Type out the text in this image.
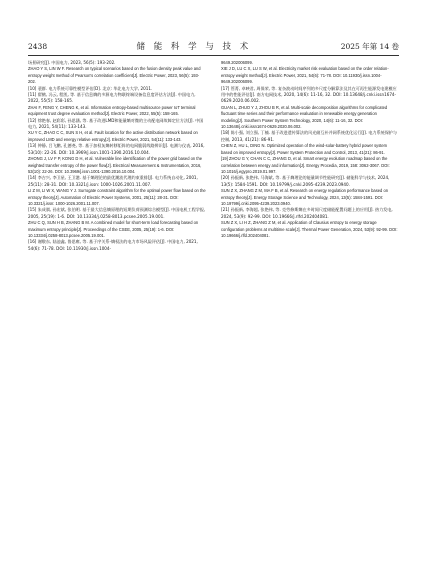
2438	储 能 科 学 与 技 术	2025 年第 14 卷

场景研究[J]. 中国电力, 2023, 56(5): 193-202.
ZHAO Y S, LIN W F. Research on typical scenarios based on the fusion density peak value and entropy weight method of Pearson's correlation coefficient[J]. Electric Power, 2023, 56(5): 193-202.

[10] 裴群. 电力系统可靠性模型评估[D]. 北京: 华北电力大学, 2011.

[11] 翟鹤, 冯云, 程凯, 等. 基于信息熵的多源电力物联终端设备信息度评估方法[J]. 中国电力, 2022, 55(5): 158-165.
ZHAI F, FENG Y, CHENG K, et al. Information entropy-based multisource power IoT terminal equipment trust degree evaluation method[J]. Electric Power, 2022, 55(5): 158-165.

[12] 徐艳春, 赵彩彩, 孙思涵, 等. 基于改进LMD和能量熵对微的主动配电网故障定位方法[J]. 中国电力, 2021, 54(11): 133-143.
XU Y C, ZHAO C C, SUN S H, et al. Fault location for the active distribution network based on improved LMD and energy relative entropy[J]. Electric Power, 2021, 54(11): 133-143.

[13] 钟静, 吕飞鹏, 孔德尧, 等. 基于加权灰熵转移矩阵的电网脆弱线路辨识[J]. 电测与仪表, 2016, 53(10): 22-26. DOI: 10.3969/j.issn.1001-1390.2016.10.004.
ZHONG J, LV F P, KONG D H, et al. Vulnerable line identification of the power grid based on the weighted transfer entropy of the power flow[J]. Electrical Measurement & Instrumentation, 2016, 53(10): 22-26. DOI: 10.3969/j.issn.1001-1390.2016.10.004.

[14] 李吉兴, 李卫星, 王卫港. 基于熵理论的最优潮流代理约束重排[J]. 电力系统自动化, 2001, 25(11): 28-31. DOI: 10.3321/j.issn: 1000-1026.2001.11.007.
LI Z M, LI W X, WANG Y J. Surrogate constraint algorithm for the optimal power flow based on the entropy theory[J]. Automation of Electric Power Systems, 2001, 25(11): 28-31. DOI: 10.3321/j.issn: 1000-1026.2001.11.007.

[15] 朱成骐, 孙宏斌, 张伯明. 基于最大信息熵原理的短期负荷预测综合模型[J]. 中国电机工程学报, 2005, 25(19): 1-6. DOI: 10.13334/j.0258-8013.pcsee.2005.19.001.
ZHU C Q, SUN H B, ZHANG B M. A combined model for short-term load forecasting based on maximum entropy principle[J]. Proceedings of the CSEE, 2005, 25(19): 1-6. DOI: 10.13334/j.0258-8013.pcsee.2005.19.001.

[16] 谢敬东, 陆池鑫, 鲁思雍, 等. 基于序关系-熵权法的电力市场风险评估[J]. 中国电力, 2021, 54(6): 71-78. DOI: 10.11930/j.issn.1004-

9649.202006099.

XIE J D, LU C X, LU S W, et al. Electricity market risk evaluation based on the order relation-entropy weight method[J]. Electric Power, 2021, 54(6): 71-78. DOI: 10.11930/j.issn.1004-9649.202006099.

[17] 管菁, 卓映君, 周保荣, 等. 复杂波动时间序列的多尺度分解算法及其在可再生能源发电建模应用中的性能评估[J]. 南方电网技术, 2020, 14(6): 11-16, 32. DOI: 10.13648/j.cnki.issn1674-0629.2020.06.002.
GUAN L, ZHUO Y J, ZHOU B R, et al. Multi-scale decomposition algorithms for complicated fluctuant time series and their performance evaluation in renewable energy generation modeling[J]. Southern Power System Technology, 2020, 14(6): 11-16, 32. DOI: 10.13648/j.cnki.issn1674-0629.2020.06.002.

[18] 陈小强, 刘立强, 丁楠. 基于改进遗传算法的风光储互补并网系统优化运行[J]. 电力系统保护与控制, 2013, 41(21): 86-91.
CHEN Z, HU L, DING N. Optimized operation of the wind-solar-battery hybrid power system based on improved entropy[J]. Power System Protection and Control, 2013, 41(21): 86-91.

[19] ZHOU G Y, CHAN C C, ZHANG D, et al. Smart energy evolution roadmap based on the correlation between energy and information[J]. Energy Procedia, 2019, 158: 3062-3067. DOI: 10.1016/j.egypro.2019.01.997.

[20] 孙振新, 张艳伟, 马海斌, 等. 基于熵理论的能量调节性能研究[J]. 储能科学与技术, 2024, 13(5): 1584-1591. DOI: 10.19799/j.cnki.2095-4239.2023.0940.
SUN Z X, ZHANG Z M, MA F B, et al. Research on energy regulation performance based on entropy theory[J]. Energy Storage Science and Technology, 2024, 13(5): 1584-1591. DOI: 10.19799/j.cnki.2095-4239.2023.0940.

[21] 孙振新, 李海超, 张艳伟, 等. 克劳修斯熵在多时间尺度储能配置问题上的应用[J]. 热力发电, 2024, 53(9): 92-99. DOI: 10.19666/j.rlfd.202404081.
SUN Z X, LI H Z, ZHANG Z M, et al. Application of Clausius entropy to energy storage configuration problems at multitime scale[J]. Thermal Power Generation, 2024, 53(9): 92-99. DOI: 10.19666/j.rlfd.202404081.
